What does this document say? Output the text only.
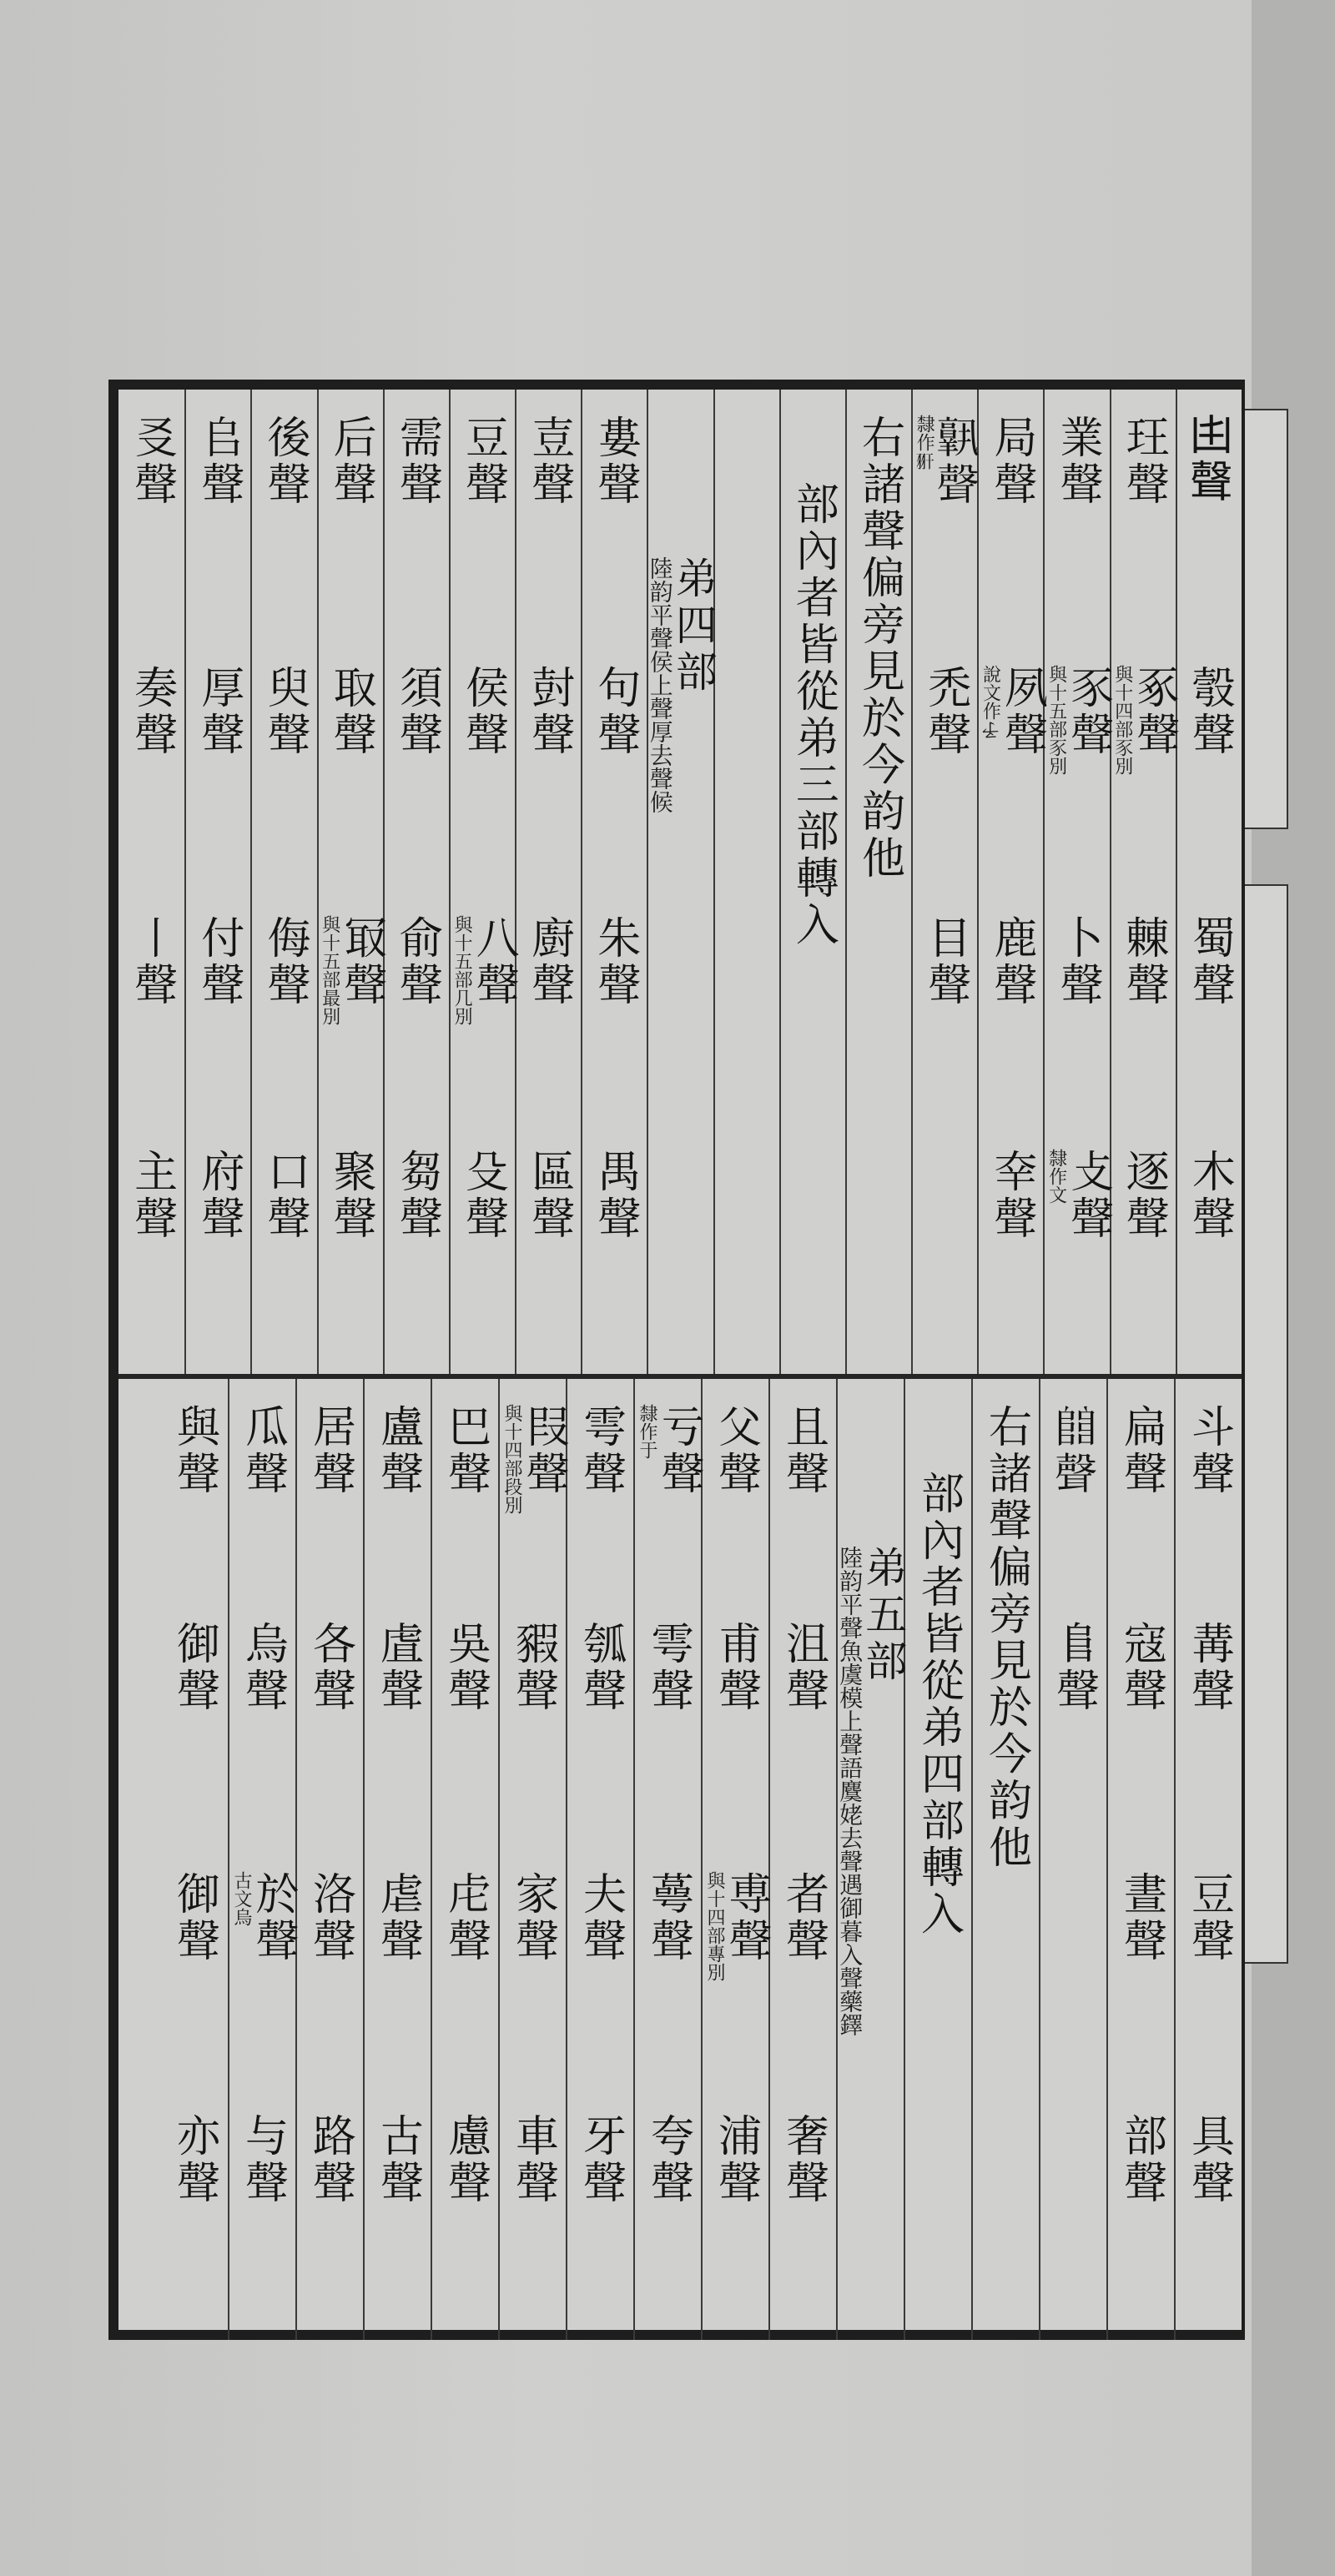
𠙹聲
彀聲
蜀聲
木聲
玨聲
豖聲
與十四部豕別
㯥聲
逐聲
業聲
豕聲
與十五部豕別
卜聲
攴聲
隸作文
局聲
夙聲
說文作𠄔
鹿聲
㚔聲
𦏧聲
隸作𦏹
禿聲
目聲
右諸聲偏旁見於今韵他
部內者皆從弟三部轉入
弟四部
陸韵平聲侯上聲厚去聲候
婁聲
句聲
朱聲
禺聲
壴聲
尌聲
廚聲
區聲
豆聲
侯聲
八聲
與十五部几別
殳聲
需聲
須聲
俞聲
芻聲
后聲
取聲
冣聲
與十五部最別
聚聲
後聲
臾聲
侮聲
口聲
𠂤聲
厚聲
付聲
府聲
㕛聲
奏聲
丨聲
主聲
斗聲
冓聲
豆聲
具聲
扁聲
寇聲
晝聲
部聲
𨺅聲
𨸏聲
右諸聲偏旁見於今韵他
部內者皆從弟四部轉入
弟五部
陸韵平聲魚虞模上聲語麌姥去聲遇御暮入聲藥鐸
且聲
沮聲
者聲
奢聲
父聲
甫聲
尃聲
與十四部專別
浦聲
亏聲
隸作于
雩聲
蕚聲
夸聲
雩聲
瓠聲
夫聲
牙聲
叚聲
與十四部段別
豭聲
家聲
車聲
巴聲
吳聲
虍聲
慮聲
盧聲
虘聲
虐聲
古聲
居聲
各聲
洛聲
路聲
瓜聲
烏聲
於聲
古文烏
与聲
與聲
御聲
御聲
亦聲
